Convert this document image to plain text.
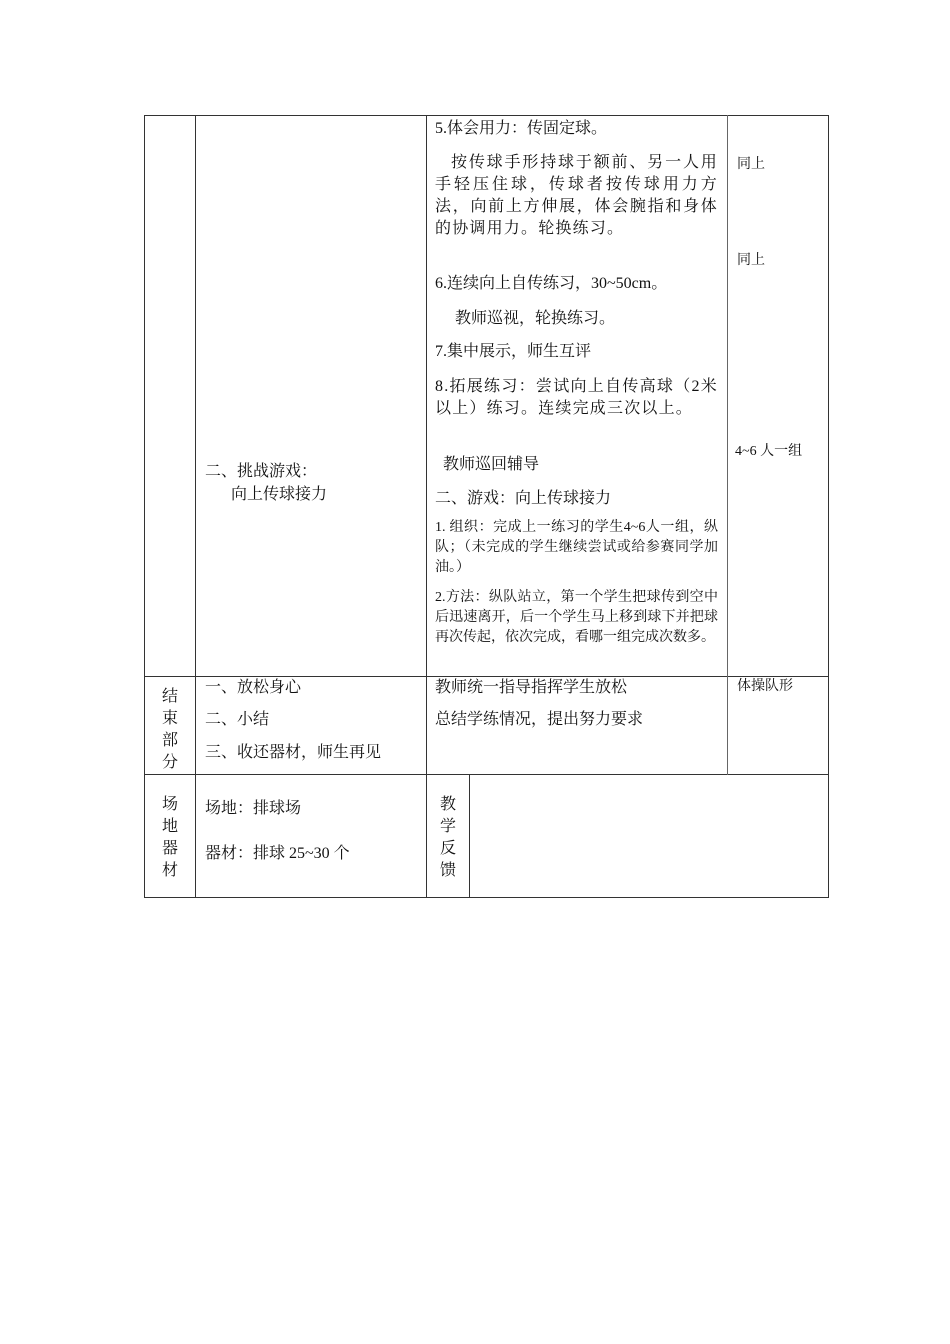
二、挑战游戏：
向上传球接力
5.体会用力：传固定球。
按传球手形持球于额前、另一人用手轻压住球，传球者按传球用力方法，向前上方伸展，体会腕指和身体的协调用力。轮换练习。
6.连续向上自传练习，30~50cm。
教师巡视，轮换练习。
7.集中展示，师生互评
8.拓展练习：尝试向上自传高球（2米以上）练习。连续完成三次以上。
教师巡回辅导
二、游戏：向上传球接力
1. 组织：完成上一练习的学生4~6人一组，纵队；（未完成的学生继续尝试或给参赛同学加油。）
2.方法：纵队站立，第一个学生把球传到空中后迅速离开，后一个学生马上移到球下并把球再次传起，依次完成，看哪一组完成次数多。
同上
同上
4~6 人一组
结束部分
一、放松身心
二、小结
三、收还器材，师生再见
教师统一指导指挥学生放松
总结学练情况，提出努力要求
体操队形
场地器材
场地：排球场
器材：排球 25~30 个
教学反馈
